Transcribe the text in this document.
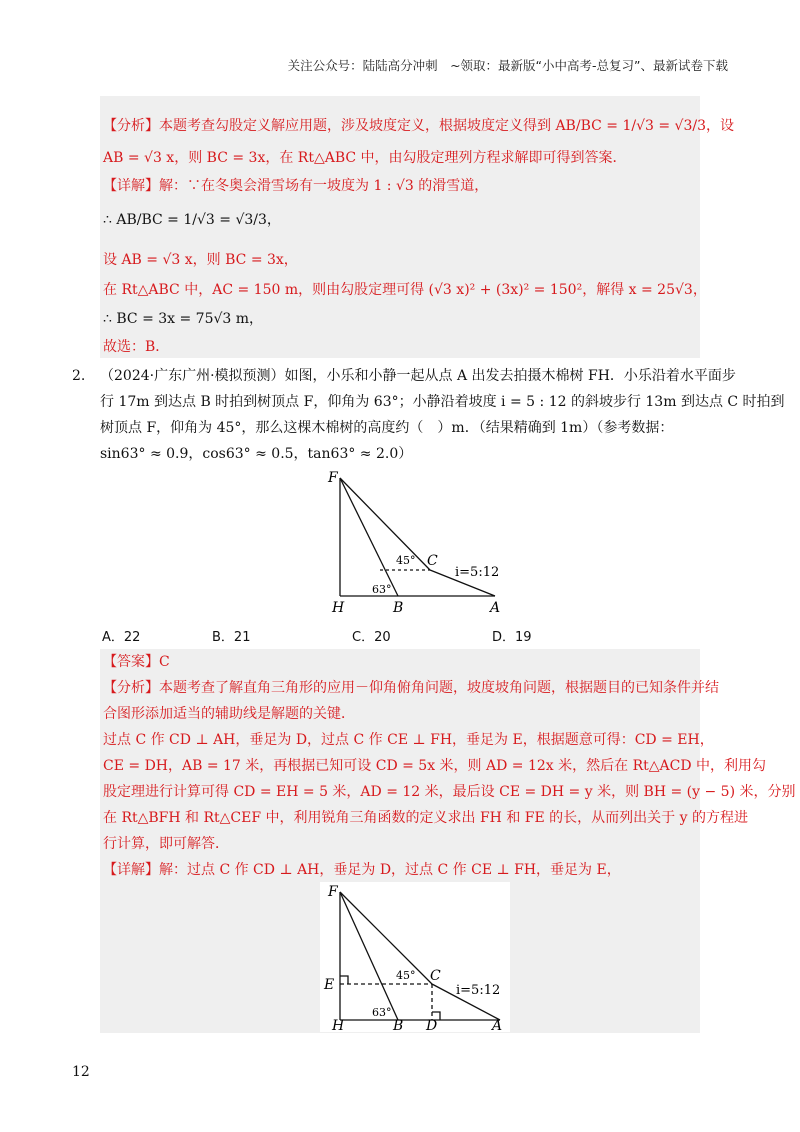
关注公众号：陆陆高分冲刺　~领取：最新版“小中高考-总复习”、最新试卷下载
【分析】本题考查勾股定义解应用题，涉及坡度定义，根据坡度定义得到 AB/BC = 1/√3 = √3/3，设
AB = √3 x，则 BC = 3x，在 Rt△ABC 中，由勾股定理列方程求解即可得到答案．
【详解】解：∵在冬奥会滑雪场有一坡度为 1 : √3 的滑雪道，
∴ AB/BC = 1/√3 = √3/3，
设 AB = √3 x，则 BC = 3x，
在 Rt△ABC 中，AC = 150 m，则由勾股定理可得 (√3 x)² + (3x)² = 150²，解得 x = 25√3，
∴ BC = 3x = 75√3 m，
故选：B．
2. （2024·广东广州·模拟预测）如图，小乐和小静一起从点 A 出发去拍摄木棉树 FH．小乐沿着水平面步
行 17m 到达点 B 时拍到树顶点 F，仰角为 63°；小静沿着坡度 i = 5 : 12 的斜坡步行 13m 到达点 C 时拍到
树顶点 F，仰角为 45°，那么这棵木棉树的高度约（　）m．（结果精确到 1m）（参考数据：
sin63° ≈ 0.9，cos63° ≈ 0.5，tan63° ≈ 2.0）
F
H	B	A
C
45°
63°
i=5:12
A．22	B．21	C．20	D．19
【答案】C
【分析】本题考查了解直角三角形的应用－仰角俯角问题，坡度坡角问题，根据题目的已知条件并结
合图形添加适当的辅助线是解题的关键．
过点 C 作 CD ⊥ AH，垂足为 D，过点 C 作 CE ⊥ FH，垂足为 E，根据题意可得：CD = EH，
CE = DH，AB = 17 米，再根据已知可设 CD = 5x 米，则 AD = 12x 米，然后在 Rt△ACD 中，利用勾
股定理进行计算可得 CD = EH = 5 米，AD = 12 米，最后设 CE = DH = y 米，则 BH = (y − 5) 米，分别
在 Rt△BFH 和 Rt△CEF 中，利用锐角三角函数的定义求出 FH 和 FE 的长，从而列出关于 y 的方程进
行计算，即可解答．
【详解】解：过点 C 作 CD ⊥ AH，垂足为 D，过点 C 作 CE ⊥ FH，垂足为 E，
F
E
H	B D	A
C
45°
63°
i=5:12
12
